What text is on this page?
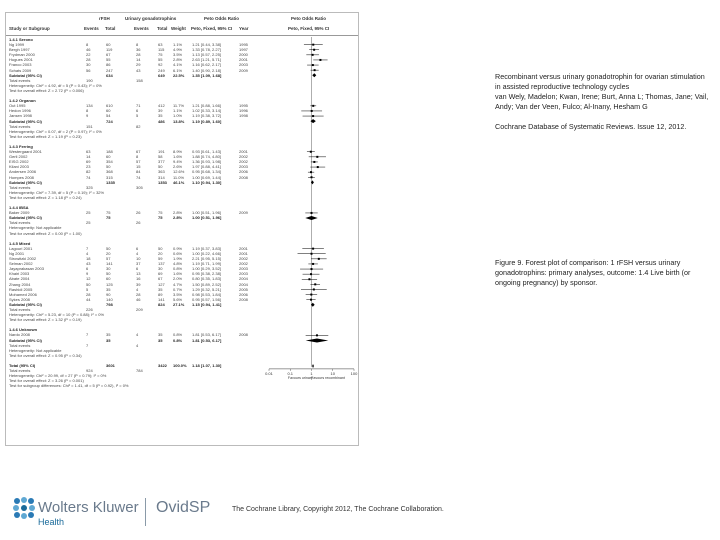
Study or Subgroup
rFSH	Urinary gonadotrophins
Events Total	Events Total Weight
Peto Odds Ratio
Peto, Fixed, 95% CI Year
Peto Odds Ratio
Peto, Fixed, 95% CI
1.4.1 Serono
Ng 1999	8	60	8	63	1.1% 1.21 [0.44, 3.38]	1995
Bergh 1997	46	119	36	115 4.9% 1.33 [0.78, 2.27]	1997
Frydman 2000	22	67	28	75	3.5% 1.13 [0.57, 2.25]	2000
Hugues 2001	28	55	14	55	2.8% 2.63 [1.21, 5.71]	2001
Franco 2003	30	86	29	92	4.1% 1.16 [0.62, 2.17]	2003
Schats 2009	56	247	43	249 6.1% 1.40 [0.90, 2.18]	2009
Subtotal (95% CI)	634	649 22.5% 1.35 [1.09, 1.68]
Total events	190	158
Heterogeneity: Chi² = 4.92, df = 5 (P = 0.43); I² = 0%
Test for overall effect: Z = 2.72 (P = 0.006)
1.4.2 Organon
Out 1995	134	610	71	412 11.7% 1.21 [0.88, 1.66]	1995
Hedon 1996	8	60	6	39	1.1% 1.02 [0.33, 3.14]	1996
Jansen 1998	9	54	5	35	1.0% 1.19 [0.38, 3.72]	1998
Subtotal (95% CI)	724	486 13.8% 1.19 [0.89, 1.60]
Total events	151	82
Heterogeneity: Chi² = 0.07, df = 2 (P = 0.97); I² = 0%
Test for overall effect: Z = 1.19 (P = 0.23)
1.4.3 Ferring
Westergaard 2001	63	188	67	191 8.9% 0.93 [0.61, 1.43]	2001
Gerli 2002	14	60	8	58	1.6% 1.88 [0.74, 4.80]	2002
EISG 2002	69	354	57	377 9.4% 1.36 [0.93, 1.98]	2002
Kilani 2003	23	50	15	50	2.6% 1.97 [0.88, 4.41]	2003
Andersen 2006	82	368	84	363 12.6% 0.95 [0.68, 1.34]	2006
Hompes 2008	74	315	74	314 11.0% 1.00 [0.69, 1.44]	2008
Subtotal (95% CI)	1335	1353 46.1% 1.10 [0.94, 1.30]
Total events	325	305
Heterogeneity: Chi² = 7.39, df = 5 (P = 0.19); I² = 32%
Test for overall effect: Z = 1.18 (P = 0.24)
1.4.4 IBSA
Baker 2009	25	75	26	75	2.8% 1.00 [0.51, 1.96]	2009
Subtotal (95% CI)	75	75	2.8% 1.00 [0.51, 1.96]
Total events	25	26
Heterogeneity: Not applicable
Test for overall effect: Z = 0.00 (P = 1.00)
1.4.5 Mixed
Lagouri 2001	7	50	6	50	0.9% 1.19 [0.37, 3.83]	2001
Ng 2001	4	20	4	20	0.6% 1.00 [0.22, 4.66]	2001
Strowitzki 2002	18	57	10	59	1.9% 2.21 [0.95, 5.15]	2002
Selman 2002	43	141	37	137 4.8% 1.19 [0.71, 1.99]	2002
Jayaprakasan 2003	6	30	6	30	0.8% 1.00 [0.29, 3.52]	2003
Khairi 2003	9	50	13	69	1.6% 0.95 [0.38, 2.38]	2003
Abate 2004	12	60	16	67	2.0% 0.80 [0.35, 1.83]	2004
Zhang 2004	50	125	39	127 4.7% 1.50 [0.89, 2.52]	2004
Rashidi 2005	5	35	4	35	0.7% 1.29 [0.32, 5.21]	2005
Mohamed 2006	28	90	28	89	3.5% 0.98 [0.53, 1.84]	2006
Sykes 2008	44	140	46	141 5.6% 0.95 [0.57, 1.56]	2008
Subtotal (95% CI)	798	824 27.1% 1.15 [0.94, 1.41]
Total events	226	209
Heterogeneity: Chi² = 5.23, df = 10 (P = 0.88); I² = 0%
Test for overall effect: Z = 1.32 (P = 0.19)
1.4.6 Unknown
Nardo 2008	7	35	4	35	0.8% 1.81 [0.53, 6.17]	2008
Subtotal (95% CI)	35	35	0.8% 1.81 [0.53, 6.17]
Total events	7	4
Heterogeneity: Not applicable
Test for overall effect: Z = 0.95 (P = 0.34)
Total (95% CI)	3601	3422 100.0% 1.18 [1.07, 1.30]
Total events	924	784
Heterogeneity: Chi² = 20.99, df = 27 (P = 0.79); I² = 0%
Test for overall effect: Z = 3.26 (P = 0.001)
Test for subgroup differences: Chi² = 1.41, df = 5 (P = 0.92), I² = 0%
0.01	0.1	1	10	100
Favours urinary
Favours recombinant
Recombinant versus urinary gonadotrophin for ovarian stimulation in assisted reproductive technology cycles
van Wely, Madelon; Kwan, Irene; Burt, Anna L; Thomas, Jane; Vail, Andy; Van der Veen, Fulco; Al-Inany, Hesham G
Cochrane Database of Systematic Reviews. Issue 12, 2012.
Figure 9. Forest plot of comparison: 1 rFSH versus urinary gonadotrophins: primary analyses, outcome: 1.4 Live birth (or ongoing pregnancy) by sponsor.
Wolters Kluwer
Health
OvidSP	The Cochrane Library, Copyright 2012, The Cochrane Collaboration.
